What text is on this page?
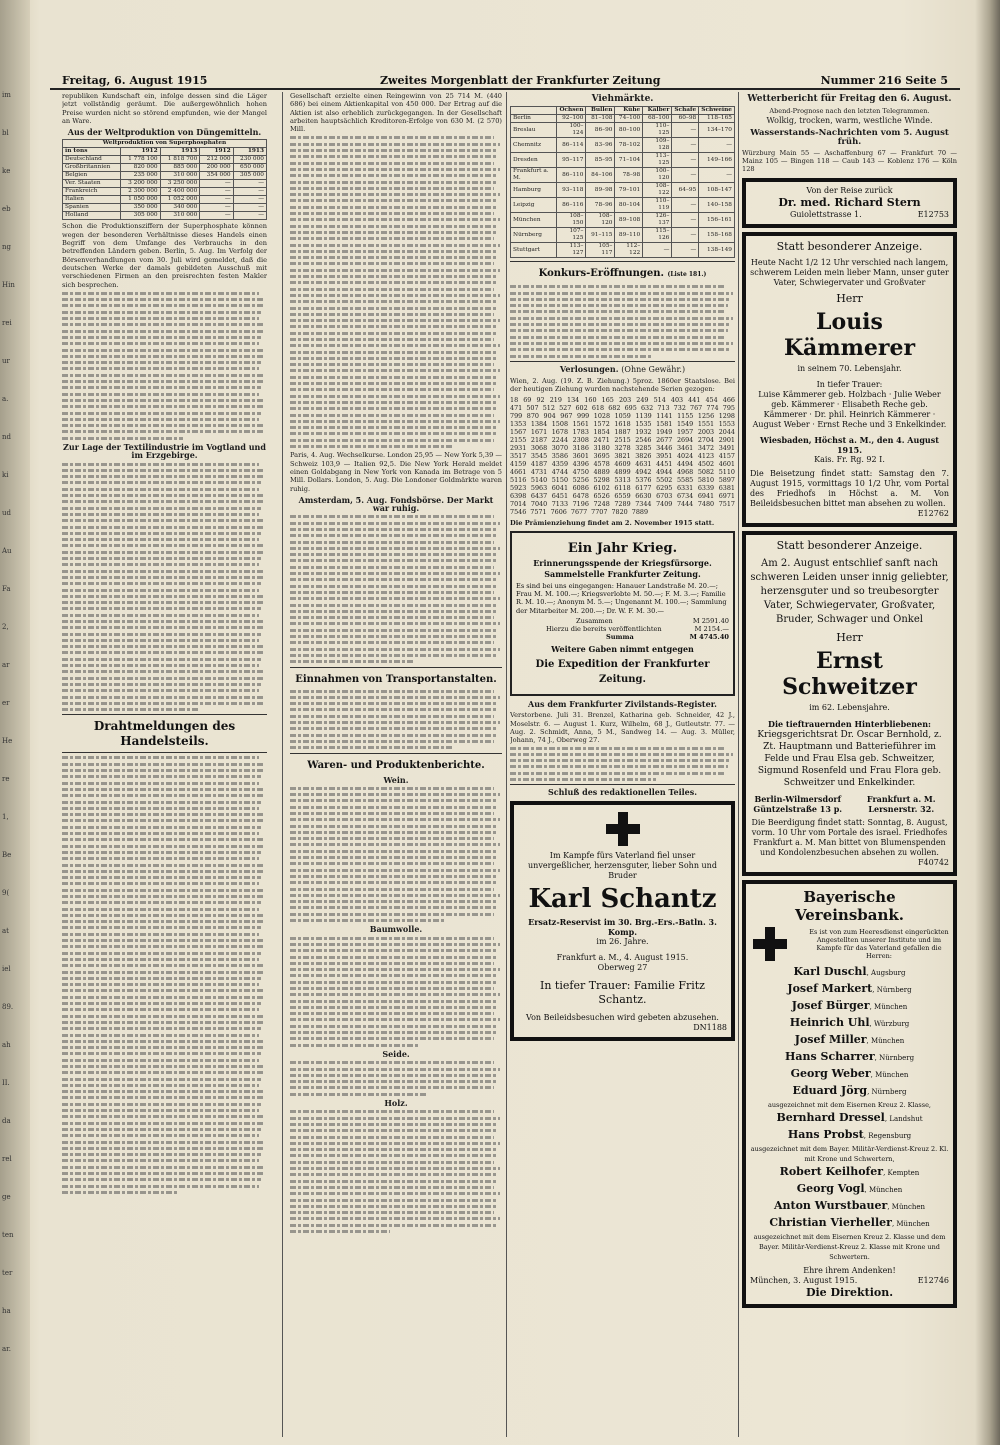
im
bl
ke
eb
ng
Hin
rei
ur
a.
nd
ki
ud
Au
Fa
2,
ar
er
He
re
1,
Be
9(
at
iel
89.
ah
II.
da
rel
ge
ten
ter
ha
ar.
Freitag, 6. August 1915	Zweites Morgenblatt der Frankfurter Zeitung	Nummer 216 Seite 5

republiken Kundschaft ein, infolge dessen sind die Läger jetzt vollständig geräumt. Die außergewöhnlich hohen Preise wurden nicht so störend empfunden, wie der Mangel an Ware.

Aus der Weltproduktion von Düngemitteln.
Weltproduktion von Superphosphaten				
in tons	1912	1913	1912	1913
Deutschland	1 778 100	1 818 700	212 000	230 000
Großbritannien	820 000	885 000	200 000	650 000
Belgien	235 000	310 000	354 000	305 000
Ver. Staaten	3 200 000	3 250 000	—	—
Frankreich	2 300 000	2 400 000	—	—
Italien	1 050 000	1 052 000	—	—
Spanien	350 000	340 000	—	—
Holland	305 000	310 000	—	—

Schon die Produktionsziffern der Superphosphate können wegen der besonderen Verhältnisse dieses Handels einen Begriff von dem Umfange des Verbrauchs in den betreffenden Ländern geben. Berlin, 5. Aug. Im Verfolg der Börsenverhandlungen vom 30. Juli wird gemeldet, daß die deutschen Werke der damals gebildeten Ausschuß mit verschiedenen Firmen an den preisrechten festen Makler sich besprechen.

Zur Lage der Textilindustrie im Vogtland und im Erzgebirge.
Drahtmeldungen des Handelsteils.

Gesellschaft erzielte einen Reingewinn von 25 714 M. (440 686) bei einem Aktienkapital von 450 000. Der Ertrag auf die Aktien ist also erheblich zurückgegangen. In der Gesellschaft arbeiten hauptsächlich Kreditoren-Erfolge von 630 M. (2 570) Mill.

Paris, 4. Aug. Wechselkurse. London 25,95 — New York 5,39 — Schweiz 103,9 — Italien 92,5. Die New York Herald meldet einen Goldabgang in New York von Kanada im Betrage von 5 Mill. Dollars. London, 5. Aug. Die Londoner Goldmärkte waren ruhig.

Amsterdam, 5. Aug. Fondsbörse. Der Markt war ruhig.
Einnahmen von Transportanstalten.
Waren- und Produktenberichte.
Wein.
Baumwolle.
Seide.
Holz.
Viehmärkte.
	Ochsen	Bullen	Kühe	Kälber	Schafe	Schweine
Berlin	92–100	81–108	74–100	68–100	60–98	118–165
Breslau	100–124	86–90	80–100	110–125	—	134–170
Chemnitz	86–114	83–96	78–102	109–128	—	—
Dresden	95–117	85–95	71–104	113–125	—	149–166
Frankfurt a. M.	86–110	84–106	78–98	100–120	—	—
Hamburg	93–118	89–98	79–101	108–122	64–95	108–147
Leipzig	86–116	78–96	80–104	110–119	—	140–158
München	108–150	108–120	89–108	126–137	—	156–161
Nürnberg	107–125	91–115	89–110	115–126	—	158–168
Stuttgart	113–127	105–117	112–122	—	—	138–149
Konkurs-Eröffnungen. (Liste 181.)
Verlosungen. (Ohne Gewähr.)

Wien, 2. Aug. (19. Z. B. Ziehung.) 5proz. 1860er Staatslose. Bei der heutigen Ziehung wurden nachstehende Serien gezogen:

18 69 92 219 134 160 165 203 249 514 403 441 454 466 471 507 512 527 602 618 682 695 632 713 732 767 774 795 799 870 904 967 999 1028 1059 1139 1141 1155 1256 1298 1353 1384 1508 1561 1572 1618 1535 1581 1549 1551 1553 1567 1671 1678 1783 1854 1887 1932 1949 1957 2003 2044 2155 2187 2244 2308 2471 2515 2546 2677 2694 2704 2901 2931 3068 3070 3186 3180 3278 3285 3446 3461 3472 3491 3517 3545 3586 3601 3695 3821 3826 3951 4024 4123 4157 4159 4187 4359 4396 4578 4609 4631 4451 4494 4502 4601 4661 4731 4744 4750 4889 4899 4942 4944 4968 5082 5110 5116 5140 5150 5256 5298 5313 5376 5502 5585 5810 5897 5923 5963 6041 6086 6102 6118 6177 6295 6331 6339 6381 6398 6437 6451 6478 6526 6559 6630 6703 6734 6941 6971 7014 7040 7133 7196 7248 7289 7344 7409 7444 7480 7517 7546 7571 7606 7677 7707 7820 7889

Die Prämienziehung findet am 2. November 1915 statt.

Ein Jahr Krieg.
Erinnerungsspende der Kriegsfürsorge.
Sammelstelle Frankfurter Zeitung.

Es sind bei uns eingegangen: Hanauer Landstraße M. 20.—; Frau M. M. 100.—; Kriegsverlobte M. 50.—; F. M. 3.—; Familie R. M. 10.—; Anonym M. 5.—; Ungenannt M. 100.—; Sammlung der Mitarbeiter M. 200.—; Dr. W. F. M. 30.—

Zusammen	M 2591.40
Hierzu die bereits veröffentlichten	M 2154.—
Summa	M 4745.40
Weitere Gaben nimmt entgegen
Die Expedition der Frankfurter Zeitung.
Aus dem Frankfurter Zivilstands-Register.

Verstorbene. Juli 31. Brenzel, Katharina geb. Schneider, 42 J., Moselstr. 6. — August 1. Kurz, Wilhelm, 68 J., Gutleutstr. 77. — Aug. 2. Schmidt, Anna, 5 M., Sandweg 14. — Aug. 3. Müller, Johann, 74 J., Oberweg 27.

Schluß des redaktionellen Teiles.
Im Kampfe fürs Vaterland fiel unser unvergeßlicher, herzensguter, lieber Sohn und Bruder
Karl Schantz
Ersatz-Reservist im 30. Brg.-Ers.-Batln. 3. Komp.
im 26. Jahre.
Frankfurt a. M., 4. August 1915.
Oberweg 27
In tiefer Trauer: Familie Fritz Schantz.
Von Beileidsbesuchen wird gebeten abzusehen.
DN1188
Wetterbericht für Freitag den 6. August.
Abend-Prognose nach den letzten Telegrammen.
Wolkig, trocken, warm, westliche Winde.
Wasserstands-Nachrichten vom 5. August früh.

Würzburg Main 55 — Aschaffenburg 67 — Frankfurt 70 — Mainz 105 — Bingen 118 — Caub 143 — Koblenz 176 — Köln 128

Von der Reise zurück
Dr. med. Richard Stern
Guiolettstrasse 1.	E12753
Statt besonderer Anzeige.
Heute Nacht 1/2 12 Uhr verschied nach langem, schwerem Leiden mein lieber Mann, unser guter Vater, Schwiegervater und Großvater
Herr
Louis Kämmerer
in seinem 70. Lebensjahr.
In tiefer Trauer:
Luise Kämmerer geb. Holzbach · Julie Weber geb. Kämmerer · Elisabeth Reche geb. Kämmerer · Dr. phil. Heinrich Kämmerer · August Weber · Ernst Reche und 3 Enkelkinder.
Wiesbaden, Höchst a. M., den 4. August 1915.
Kais. Fr. Rg. 92 I.
Die Beisetzung findet statt: Samstag den 7. August 1915, vormittags 10 1/2 Uhr, vom Portal des Friedhofs in Höchst a. M. Von Beileidsbesuchen bittet man absehen zu wollen.
E12762
Statt besonderer Anzeige.
Am 2. August entschlief sanft nach schweren Leiden unser innig geliebter, herzensguter und so treubesorgter Vater, Schwiegervater, Großvater, Bruder, Schwager und Onkel
Herr
Ernst Schweitzer
im 62. Lebensjahre.
Die tieftrauernden Hinterbliebenen:
Kriegsgerichtsrat Dr. Oscar Bernhold, z. Zt. Hauptmann und Batterieführer im Felde und Frau Elsa geb. Schweitzer, Sigmund Rosenfeld und Frau Flora geb. Schweitzer und Enkelkinder.
Berlin-Wilmersdorf Güntzelstraße 13 p.
Frankfurt a. M. Lersnerstr. 32.
Die Beerdigung findet statt: Sonntag, 8. August, vorm. 10 Uhr vom Portale des israel. Friedhofes Frankfurt a. M. Man bittet von Blumenspenden und Kondolenzbesuchen absehen zu wollen.
F40742
Bayerische Vereinsbank.
Es ist von zum Heeresdienst eingerückten Angestellten unserer Institute und im Kampfe für das Vaterland gefallen die Herren:
Karl Duschl, Augsburg
Josef Markert, Nürnberg
Josef Bürger, München
Heinrich Uhl, Würzburg
Josef Miller, München
Hans Scharrer, Nürnberg
Georg Weber, München
Eduard Jörg, Nürnberg
ausgezeichnet mit dem Eisernen Kreuz 2. Klasse,
Bernhard Dressel, Landshut
Hans Probst, Regensburg
ausgezeichnet mit dem Bayer. Militär-Verdienst-Kreuz 2. Kl. mit Krone und Schwertern,
Robert Keilhofer, Kempten
Georg Vogl, München
Anton Wurstbauer, München
Christian Vierheller, München
ausgezeichnet mit dem Eisernen Kreuz 2. Klasse und dem Bayer. Militär-Verdienst-Kreuz 2. Klasse mit Krone und Schwertern.
Ehre ihrem Andenken!
München, 3. August 1915.	E12746
Die Direktion.
